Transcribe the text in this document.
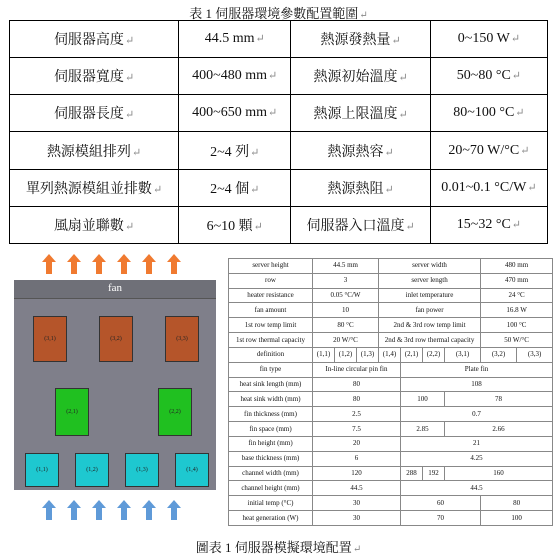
表 1 伺服器環境參數配置範圍↵
伺服器高度↵	44.5 mm↵	熱源發熱量↵	0~150 W↵
伺服器寬度↵	400~480 mm↵	熱源初始溫度↵	50~80 °C↵
伺服器長度↵	400~650 mm↵	熱源上限溫度↵	80~100 °C↵
熱源模組排列↵	2~4 列↵	熱源熱容↵	20~70 W/°C↵
單列熱源模組並排數↵	2~4 個↵	熱源熱阻↵	0.01~0.1 °C/W↵
風扇並聯數↵	6~10 顆↵	伺服器入口溫度↵	15~32 °C↵
fan
(3,1)	(3,2)	(3,3)
(2,1)	(2,2)
(1,1)	(1,2)	(1,3)	(1,4)
server height	44.5 mm			server width				480 mm	
row	3			server length				470 mm	
heater resistance	0.05 °C/W			inlet temperature				24 °C	
fan amount	10			fan power				16.8 W	
1st row temp limit	80 °C			2nd & 3rd row temp limit				100 °C	
1st row thermal capacity	20 W/°C			2nd & 3rd row thermal capacity				50 W/°C	
definition	(1,1)	(1,2)	(1,3)	(1,4)	(2,1)	(2,2)	(3,1)	(3,2)	(3,3)
fin type	In-line circular pin fin				Plate fin				
heat sink length (mm)	80				108				
heat sink width (mm)	80				100		78		
fin thickness (mm)	2.5				0.7				
fin space (mm)	7.5				2.85		2.66		
fin height (mm)	20				21				
base thickness (mm)	6				4.25				
channel width (mm)	120				288	192	160		
channel height (mm)	44.5				44.5				
initial temp (°C)	30				60			80	
heat generation (W)	30				70			100	
圖表 1 伺服器模擬環境配置↵
